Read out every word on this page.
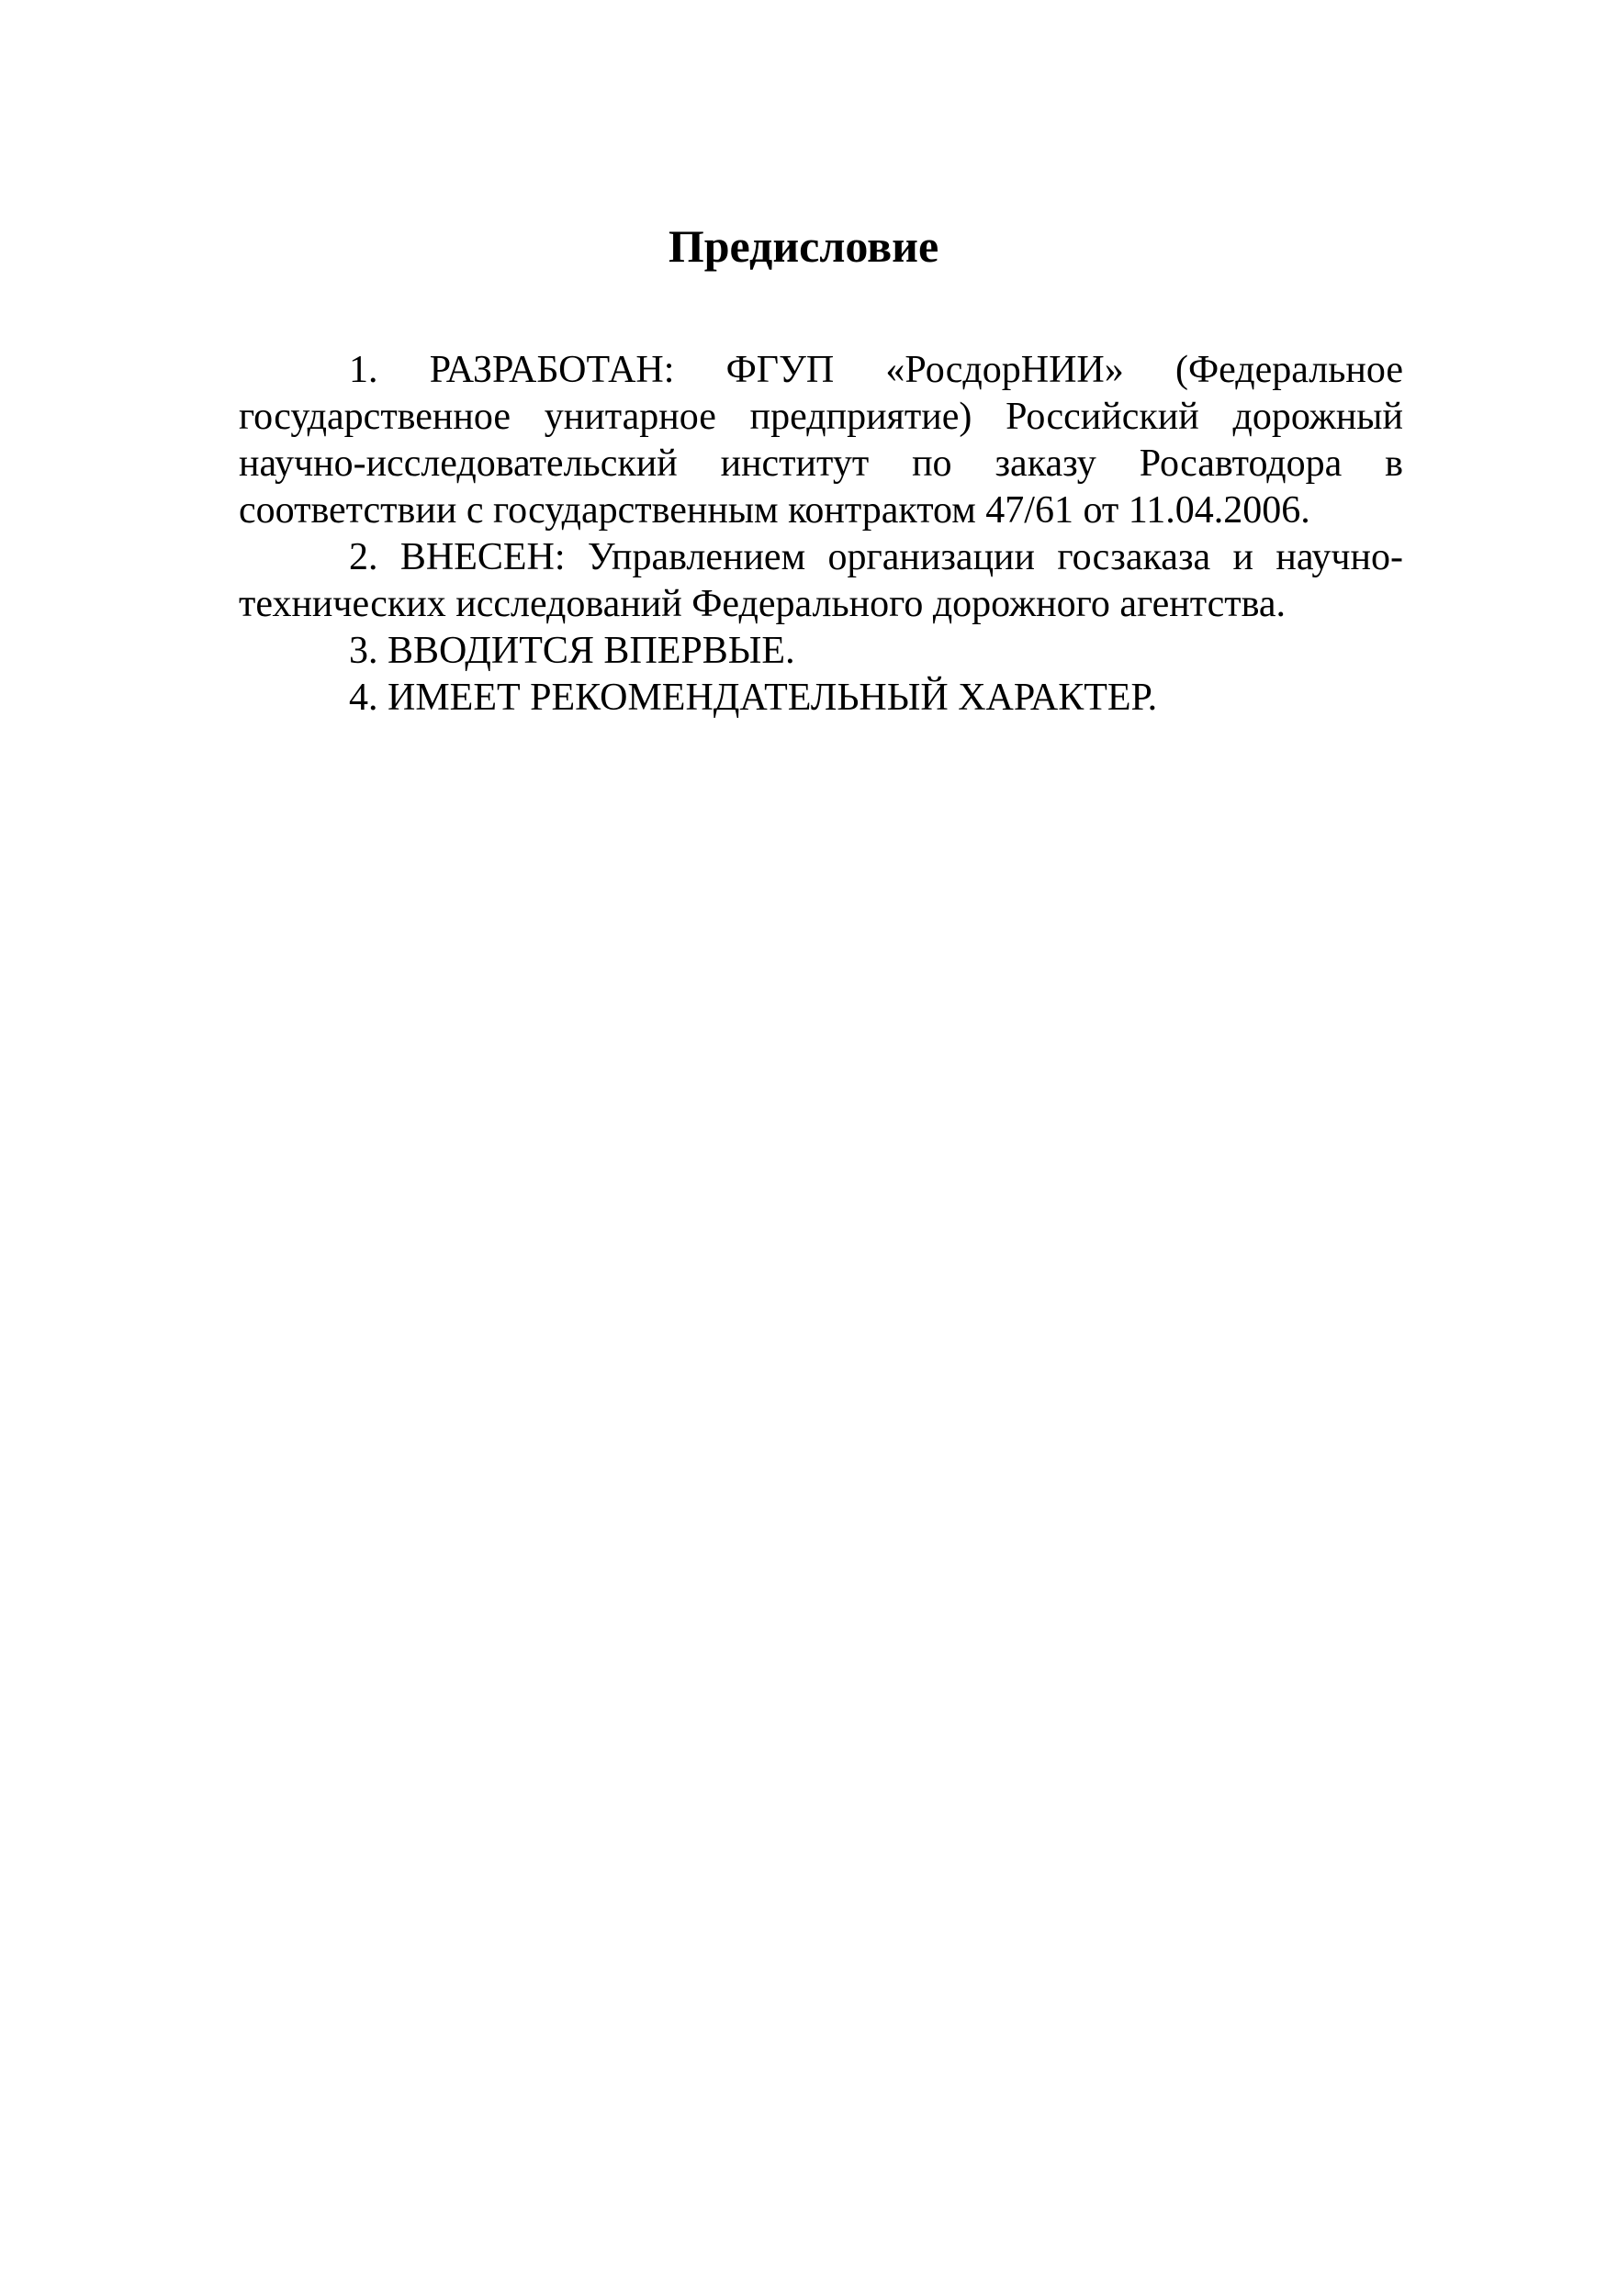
Предисловие

1. РАЗРАБОТАН: ФГУП «РосдорНИИ» (Федеральное государственное унитарное предприятие) Российский дорожный научно-исследовательский институт по заказу Росавтодора в соответствии с государственным контрактом 47/61 от 11.04.2006.

2. ВНЕСЕН: Управлением организации госзаказа и научно-технических исследований Федерального дорожного агентства.

3. ВВОДИТСЯ ВПЕРВЫЕ.

4. ИМЕЕТ РЕКОМЕНДАТЕЛЬНЫЙ ХАРАКТЕР.
